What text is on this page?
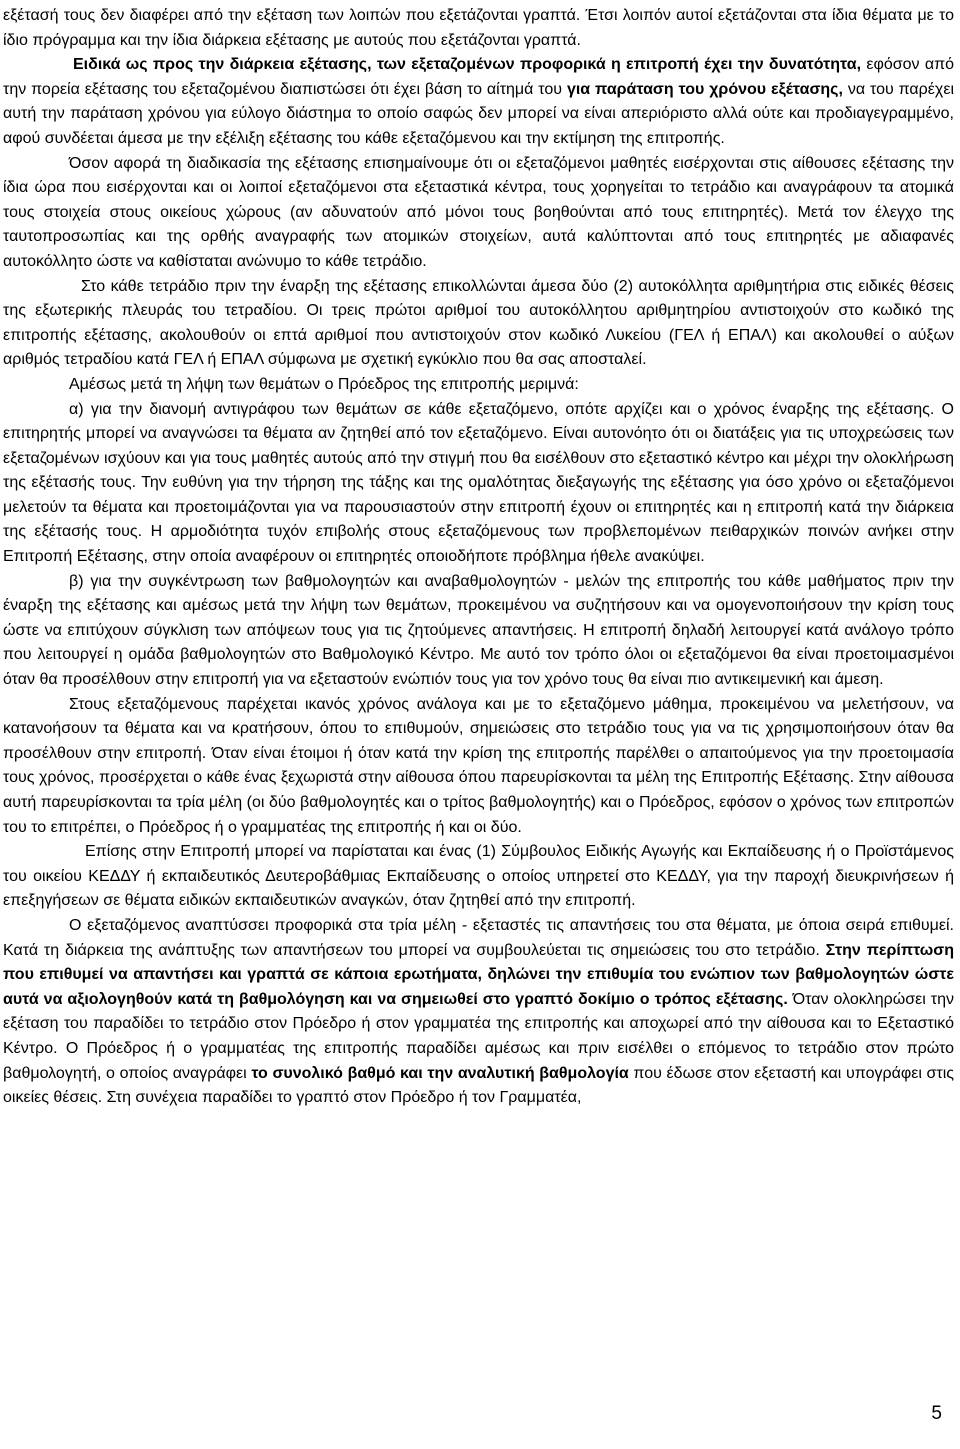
εξέτασή τους δεν διαφέρει από την εξέταση των λοιπών που εξετάζονται γραπτά. Έτσι λοιπόν αυτοί εξετάζονται στα ίδια θέματα με το ίδιο πρόγραμμα και την ίδια διάρκεια εξέτασης με αυτούς που εξετάζονται γραπτά.

Ειδικά ως προς την διάρκεια εξέτασης, των εξεταζομένων προφορικά η επιτροπή έχει την δυνατότητα, εφόσον από την πορεία εξέτασης του εξεταζομένου διαπιστώσει ότι έχει βάση το αίτημά του για παράταση του χρόνου εξέτασης, να του παρέχει αυτή την παράταση χρόνου για εύλογο διάστημα το οποίο σαφώς δεν μπορεί να είναι απεριόριστο αλλά ούτε και προδιαγεγραμμένο, αφού συνδέεται άμεσα με την εξέλιξη εξέτασης του κάθε εξεταζόμενου και την εκτίμηση της επιτροπής.

Όσον αφορά τη διαδικασία της εξέτασης επισημαίνουμε ότι οι εξεταζόμενοι μαθητές εισέρχονται στις αίθουσες εξέτασης την ίδια ώρα που εισέρχονται και οι λοιποί εξεταζόμενοι στα εξεταστικά κέντρα, τους χορηγείται το τετράδιο και αναγράφουν τα ατομικά τους στοιχεία στους οικείους χώρους (αν αδυνατούν από μόνοι τους βοηθούνται από τους επιτηρητές). Μετά τον έλεγχο της ταυτοπροσωπίας και της ορθής αναγραφής των ατομικών στοιχείων, αυτά καλύπτονται από τους επιτηρητές με αδιαφανές αυτοκόλλητο ώστε να καθίσταται ανώνυμο το κάθε τετράδιο.

Στο κάθε τετράδιο πριν την έναρξη της εξέτασης επικολλώνται άμεσα δύο (2) αυτοκόλλητα αριθμητήρια στις ειδικές θέσεις της εξωτερικής πλευράς του τετραδίου. Οι τρεις πρώτοι αριθμοί του αυτοκόλλητου αριθμητηρίου αντιστοιχούν στο κωδικό της επιτροπής εξέτασης, ακολουθούν οι επτά αριθμοί που αντιστοιχούν στον κωδικό Λυκείου (ΓΕΛ ή ΕΠΑΛ) και ακολουθεί ο αύξων αριθμός τετραδίου κατά ΓΕΛ ή ΕΠΑΛ σύμφωνα με σχετική εγκύκλιο που θα σας αποσταλεί.

Αμέσως μετά τη λήψη των θεμάτων ο Πρόεδρος της επιτροπής μεριμνά:

α) για την διανομή αντιγράφου των θεμάτων σε κάθε εξεταζόμενο, οπότε αρχίζει και ο χρόνος έναρξης της εξέτασης. Ο επιτηρητής μπορεί να αναγνώσει τα θέματα αν ζητηθεί από τον εξεταζόμενο. Είναι αυτονόητο ότι οι διατάξεις για τις υποχρεώσεις των εξεταζομένων ισχύουν και για τους μαθητές αυτούς από την στιγμή που θα εισέλθουν στο εξεταστικό κέντρο και μέχρι την ολοκλήρωση της εξέτασής τους. Την ευθύνη για την τήρηση της τάξης και της ομαλότητας διεξαγωγής της εξέτασης για όσο χρόνο οι εξεταζόμενοι μελετούν τα θέματα και προετοιμάζονται για να παρουσιαστούν στην επιτροπή έχουν οι επιτηρητές και η επιτροπή κατά την διάρκεια της εξέτασής τους. Η αρμοδιότητα τυχόν επιβολής στους εξεταζόμενους των προβλεπομένων πειθαρχικών ποινών ανήκει στην Επιτροπή Εξέτασης, στην οποία αναφέρουν οι επιτηρητές οποιοδήποτε πρόβλημα ήθελε ανακύψει.

β) για την συγκέντρωση των βαθμολογητών και αναβαθμολογητών - μελών της επιτροπής του κάθε μαθήματος πριν την έναρξη της εξέτασης και αμέσως μετά την λήψη των θεμάτων, προκειμένου να συζητήσουν και να ομογενοποιήσουν την κρίση τους ώστε να επιτύχουν σύγκλιση των απόψεων τους για τις ζητούμενες απαντήσεις. Η επιτροπή δηλαδή λειτουργεί κατά ανάλογο τρόπο που λειτουργεί η ομάδα βαθμολογητών στο Βαθμολογικό Κέντρο. Με αυτό τον τρόπο όλοι οι εξεταζόμενοι θα είναι προετοιμασμένοι όταν θα προσέλθουν στην επιτροπή για να εξεταστούν ενώπιόν τους για τον χρόνο τους θα είναι πιο αντικειμενική και άμεση.

Στους εξεταζόμενους παρέχεται ικανός χρόνος ανάλογα και με το εξεταζόμενο μάθημα, προκειμένου να μελετήσουν, να κατανοήσουν τα θέματα και να κρατήσουν, όπου το επιθυμούν, σημειώσεις στο τετράδιο τους για να τις χρησιμοποιήσουν όταν θα προσέλθουν στην επιτροπή. Όταν είναι έτοιμοι ή όταν κατά την κρίση της επιτροπής παρέλθει ο απαιτούμενος για την προετοιμασία τους χρόνος, προσέρχεται ο κάθε ένας ξεχωριστά στην αίθουσα όπου παρευρίσκονται τα μέλη της Επιτροπής Εξέτασης. Στην αίθουσα αυτή παρευρίσκονται τα τρία μέλη (οι δύο βαθμολογητές και ο τρίτος βαθμολογητής) και ο Πρόεδρος, εφόσον ο χρόνος των επιτροπών του το επιτρέπει, ο Πρόεδρος ή ο γραμματέας της επιτροπής ή και οι δύο.

Επίσης στην Επιτροπή μπορεί να παρίσταται και ένας (1) Σύμβουλος Ειδικής Αγωγής και Εκπαίδευσης ή ο Προϊστάμενος του οικείου ΚΕΔΔΥ ή εκπαιδευτικός Δευτεροβάθμιας Εκπαίδευσης ο οποίος υπηρετεί στο ΚΕΔΔΥ, για την παροχή διευκρινήσεων ή επεξηγήσεων σε θέματα ειδικών εκπαιδευτικών αναγκών, όταν ζητηθεί από την επιτροπή.

Ο εξεταζόμενος αναπτύσσει προφορικά στα τρία μέλη - εξεταστές τις απαντήσεις του στα θέματα, με όποια σειρά επιθυμεί. Κατά τη διάρκεια της ανάπτυξης των απαντήσεων του μπορεί να συμβουλεύεται τις σημειώσεις του στο τετράδιο. Στην περίπτωση που επιθυμεί να απαντήσει και γραπτά σε κάποια ερωτήματα, δηλώνει την επιθυμία του ενώπιον των βαθμολογητών ώστε αυτά να αξιολογηθούν κατά τη βαθμολόγηση και να σημειωθεί στο γραπτό δοκίμιο ο τρόπος εξέτασης. Όταν ολοκληρώσει την εξέταση του παραδίδει το τετράδιο στον Πρόεδρο ή στον γραμματέα της επιτροπής και αποχωρεί από την αίθουσα και το Εξεταστικό Κέντρο. Ο Πρόεδρος ή ο γραμματέας της επιτροπής παραδίδει αμέσως και πριν εισέλθει ο επόμενος το τετράδιο στον πρώτο βαθμολογητή, ο οποίος αναγράφει το συνολικό βαθμό και την αναλυτική βαθμολογία που έδωσε στον εξεταστή και υπογράφει στις οικείες θέσεις. Στη συνέχεια παραδίδει το γραπτό στον Πρόεδρο ή τον Γραμματέα,

5
